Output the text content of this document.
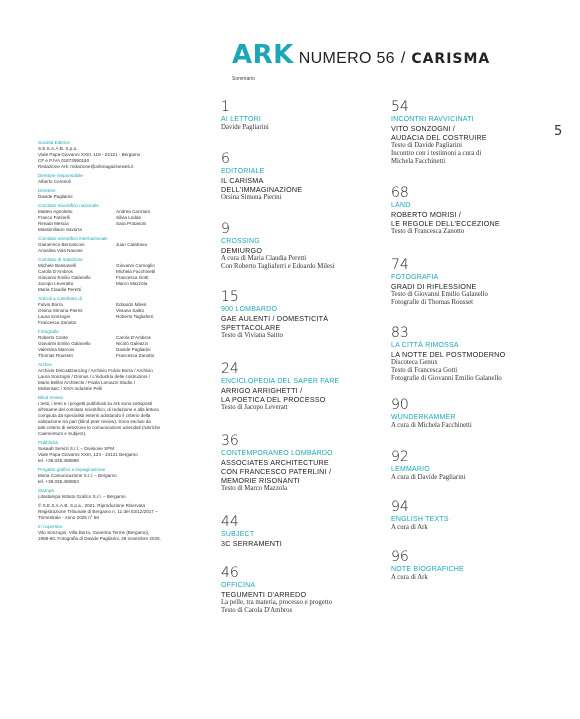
ARK NUMERO 56 / CARISMA
Sommario
5
Società Editrice
S.E.S.A.A.B. S.p.a.
Viale Papa Giovanni XXIII, 118 - 24121 - Bergamo
CF e P.IVA 01873990160
Redazione Ark: redazione@arkmagazineweb.it
Direttore responsabile
Alberto Ceresoli
Direttore
Davide Pagliarini
Comitato scientifico nazionale
Matteo Agnoletto	Andrea Canziani
Franco Farinelli	Silvia Lodde
Renata Mescia	Sara Protasoni
Massimiliano Savorra
Comitato scientifico internazionale
Gianenrico Bernasconi	Juan Calatrava
Annalisa Viati Navone
Comitato di redazione
Michele Bassanelli	Giovanni Comoglio
Carola D'Ambros	Michela Facchinetti
Giovanni Emilio Galanello	Francesca Gotti
Jacopo Leveratto	Marco Mazzola
Maria Claudia Peretti
Articoli a contributo di
Fulvio Borra	Edoardo Milesi
Orsina Simona Pierini	Viviana Saitto
Laura Sonzogni	Roberto Tagliaferri
Francesca Zanotto
Fotografie
Roberto Conte	Carola D'Ambros
Giovanni Emilio Galanello	Nicolò Galeazzi
Valentina Marconi	Davide Pagliarini
Thomas Rousset	Francesca Zanotto
Archivi
Archivio Disco&Dancing / Archivio Fulvio Borra / Archivio
Laura Sonzogni / Domus / L'industria delle costruzioni /
Mario Bellini Architects / Paola Lomazzi Studio /
MoltenI&C / SIVA Industrie Pelli
Blind review
I testi, i temi e i progetti pubblicati su Ark sono sottoposti
all'esame del comitato scientifico, di redazione e alla lettura
compiuta da specialisti esterni adottando il criterio della
valutazione tra pari (blind peer review). Sono esclusi da
tale criterio di selezione le comunicazioni aziendali (rubriche
Caementum e Subject).
Pubblicità
Sesaab Servizi S.r.l. – Divisione SPM
Viale Papa Giovanni XXIII, 124 - 24121 Bergamo
tel. +39.035.358888
Progetto grafico e impaginazione
Mona Comunicazione S.r.l. – Bergamo
tel. +39.035.358853
Stampa
Litostampa Istituto Grafico S.r.l. – Bergamo
© S.E.S.A.A.B. S.p.a., 2021. Riproduzione Riservata
Registrazione Tribunale di Bergamo n. 11 del 03/12/2017 –
Trimestrale - Anno 2025 n° 56
In copertina
Vito Sonzogni, Villa Borra, Gaverina Terme (Bergamo),
1958-60. Fotografia di Davide Pagliarini, 28 novembre 2025.
1
AI LETTORI
Davide Pagliarini
6
EDITORIALE
IL CARISMA
DELL'IMMAGINAZIONE
Orsina Simona Pierini
9
CROSSING
DEMIURGO
A cura di Maria Claudia Peretti
Con Roberto Tagliaferri e Edoardo Milesi
15
900 LOMBARDO
GAE AULENTI / DOMESTICITÀ
SPETTACOLARE
Testo di Viviana Saitto
24
ENCICLOPEDIA DEL SAPER FARE
ARRIGO ARRIGHETTI /
LA POETICA DEL PROCESSO
Testo di Jacopo Leveratt
36
CONTEMPORANEO LOMBARDO
ASSOCIATES ARCHITECTURE
CON FRANCESCO PATERLINI /
MEMORIE RISONANTI
Testo di Marco Mazzola
44
SUBJECT
3C SERRAMENTI
46
OFFICINA
TEGUMENTI D'ARREDO
La pelle, tra materia, processo e progetto
Testo di Carola D'Ambros
54
INCONTRI RAVVICINATI
VITO SONZOGNI /
AUDACIA DEL COSTRUIRE
Testo di Davide Pagliarini
Incontro con i testimoni a cura di
Michela Facchinetti
68
LAND
ROBERTO MORISI /
LE REGOLE DELL'ECCEZIONE
Testo di Francesca Zanotto
74
FOTOGRAFIA
GRADI DI RIFLESSIONE
Testo di Giovanni Emilio Galanello
Fotografie di Thomas Rousset
83
LA CITTÀ RIMOSSA
LA NOTTE DEL POSTMODERNO
Discoteca Genux
Testo di Francesca Gotti
Fotografie di Giovanni Emilio Galanello
90
WUNDERKAMMER
A cura di Michela Facchinetti
92
LEMMARIO
A cura di Davide Pagliarini
94
ENGLISH TEXTS
A cura di Ark
96
NOTE BIOGRAFICHE
A cura di Ark
